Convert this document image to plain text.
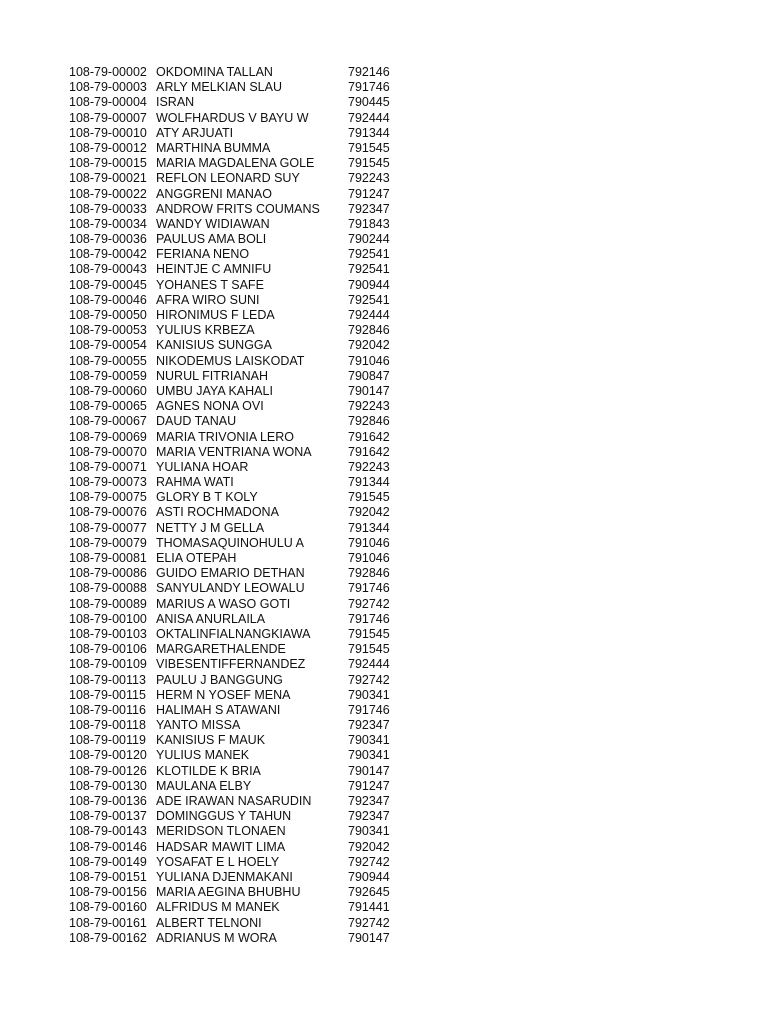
108-79-00002 OKDOMINA TALLAN	792146
108-79-00003 ARLY MELKIAN SLAU	791746
108-79-00004 ISRAN	790445
108-79-00007 WOLFHARDUS V BAYU W	792444
108-79-00010 ATY ARJUATI	791344
108-79-00012 MARTHINA BUMMA	791545
108-79-00015 MARIA MAGDALENA GOLE	791545
108-79-00021 REFLON LEONARD SUY	792243
108-79-00022 ANGGRENI MANAO	791247
108-79-00033 ANDROW FRITS COUMANS 792347
108-79-00034 WANDY WIDIAWAN	791843
108-79-00036 PAULUS AMA BOLI	790244
108-79-00042 FERIANA NENO	792541
108-79-00043 HEINTJE C AMNIFU	792541
108-79-00045 YOHANES T SAFE	790944
108-79-00046 AFRA WIRO SUNI	792541
108-79-00050 HIRONIMUS F LEDA	792444
108-79-00053 YULIUS KRBEZA	792846
108-79-00054 KANISIUS SUNGGA	792042
108-79-00055 NIKODEMUS LAISKODAT	791046
108-79-00059 NURUL FITRIANAH	790847
108-79-00060 UMBU JAYA KAHALI	790147
108-79-00065 AGNES NONA OVI	792243
108-79-00067 DAUD TANAU	792846
108-79-00069 MARIA TRIVONIA LERO	791642
108-79-00070 MARIA VENTRIANA WONA	791642
108-79-00071 YULIANA HOAR	792243
108-79-00073 RAHMA WATI	791344
108-79-00075 GLORY B T KOLY	791545
108-79-00076 ASTI ROCHMADONA	792042
108-79-00077 NETTY J M GELLA	791344
108-79-00079 THOMASAQUINOHULU A	791046
108-79-00081 ELIA OTEPAH	791046
108-79-00086 GUIDO EMARIO DETHAN	792846
108-79-00088 SANYULANDY LEOWALU	791746
108-79-00089 MARIUS A WASO GOTI	792742
108-79-00100 ANISA ANURLAILA	791746
108-79-00103 OKTALINFIALNANGKIAWA	791545
108-79-00106 MARGARETHALENDE	791545
108-79-00109 VIBESENTIFFERNANDEZ	792444
108-79-00113 PAULU J BANGGUNG	792742
108-79-00115 HERM N YOSEF MENA	790341
108-79-00116 HALIMAH S ATAWANI	791746
108-79-00118 YANTO MISSA	792347
108-79-00119 KANISIUS F MAUK	790341
108-79-00120 YULIUS MANEK	790341
108-79-00126 KLOTILDE K BRIA	790147
108-79-00130 MAULANA ELBY	791247
108-79-00136 ADE IRAWAN NASARUDIN	792347
108-79-00137 DOMINGGUS Y TAHUN	792347
108-79-00143 MERIDSON TLONAEN	790341
108-79-00146 HADSAR MAWIT LIMA	792042
108-79-00149 YOSAFAT E L HOELY	792742
108-79-00151 YULIANA DJENMAKANI	790944
108-79-00156 MARIA AEGINA BHUBHU	792645
108-79-00160 ALFRIDUS M MANEK	791441
108-79-00161 ALBERT TELNONI	792742
108-79-00162 ADRIANUS M WORA	790147
